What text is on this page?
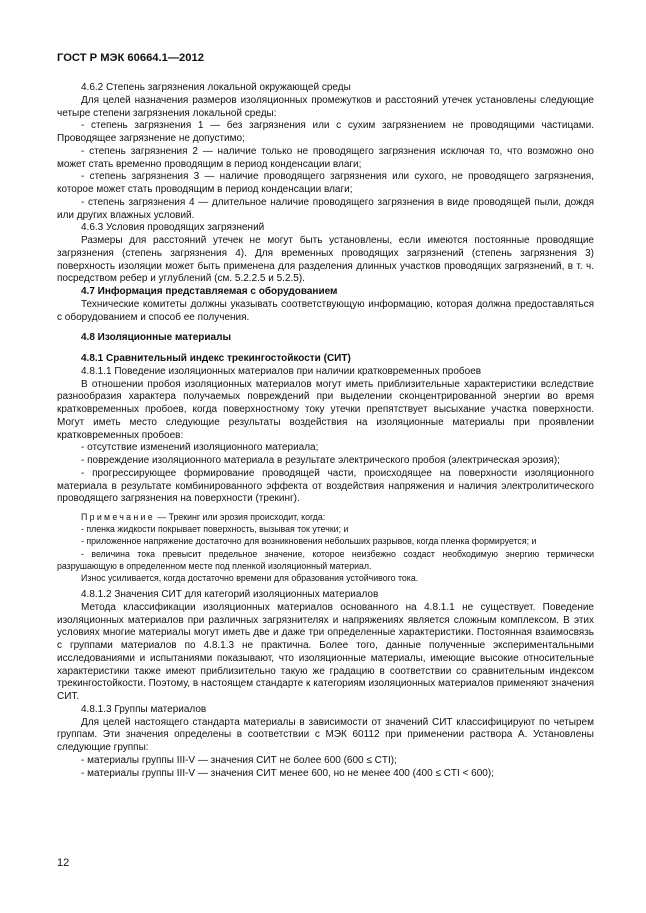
ГОСТ Р МЭК 60664.1—2012

4.6.2 Степень загрязнения локальной окружающей среды

Для целей назначения размеров изоляционных промежутков и расстояний утечек установлены следующие четыре степени загрязнения локальной среды:

- степень загрязнения 1 — без загрязнения или с сухим загрязнением не проводящими частицами. Проводящее загрязнение не допустимо;

- степень загрязнения 2 — наличие только не проводящего загрязнения исключая то, что возможно оно может стать временно проводящим в период конденсации влаги;

- степень загрязнения 3 — наличие проводящего загрязнения или сухого, не проводящего загрязнения, которое может стать проводящим в период конденсации влаги;

- степень загрязнения 4 — длительное наличие проводящего загрязнения в виде проводящей пыли, дождя или других влажных условий.

4.6.3 Условия проводящих загрязнений

Размеры для расстояний утечек не могут быть установлены, если имеются постоянные проводящие загрязнения (степень загрязнения 4). Для временных проводящих загрязнений (степень загрязнения 3) поверхность изоляции может быть применена для разделения длинных участков проводящих загрязнений, в т. ч. посредством ребер и углублений (см. 5.2.2.5 и 5.2.5).

4.7 Информация представляемая с оборудованием

Технические комитеты должны указывать соответствующую информацию, которая должна предоставляться с оборудованием и способ ее получения.

4.8 Изоляционные материалы

4.8.1 Сравнительный индекс трекингостойкости (СИТ)

4.8.1.1 Поведение изоляционных материалов при наличии кратковременных пробоев

В отношении пробоя изоляционных материалов могут иметь приблизительные характеристики вследствие разнообразия характера получаемых повреждений при выделении сконцентрированной энергии во время кратковременных пробоев, когда поверхностному току утечки препятствует высыхание участка поверхности. Могут иметь место следующие результаты воздействия на изоляционные материалы при проявлении кратковременных пробоев:

- отсутствие изменений изоляционного материала;

- повреждение изоляционного материала в результате электрического пробоя (электрическая эрозия);

- прогрессирующее формирование проводящей части, происходящее на поверхности изоляционного материала в результате комбинированного эффекта от воздействия напряжения и наличия электролитического проводящего загрязнения на поверхности (трекинг).

Примечание — Трекинг или эрозия происходит, когда:

- пленка жидкости покрывает поверхность, вызывая ток утечки; и

- приложенное напряжение достаточно для возникновения небольших разрывов, когда пленка формируется; и

- величина тока превысит предельное значение, которое неизбежно создаст необходимую энергию термически разрушающую в определенном месте под пленкой изоляционный материал.

Износ усиливается, когда достаточно времени для образования устойчивого тока.

4.8.1.2 Значения СИТ для категорий изоляционных материалов

Метода классификации изоляционных материалов основанного на 4.8.1.1 не существует. Поведение изоляционных материалов при различных загрязнителях и напряжениях является сложным комплексом. В этих условиях многие материалы могут иметь две и даже три определенные характеристики. Постоянная взаимосвязь с группами материалов по 4.8.1.3 не практична. Более того, данные полученные экспериментальными исследованиями и испытаниями показывают, что изоляционные материалы, имеющие высокие относительные характеристики также имеют приблизительно такую же градацию в соответствии со сравнительным индексом трекингостойкости. Поэтому, в настоящем стандарте к категориям изоляционных материалов применяют значения СИТ.

4.8.1.3 Группы материалов

Для целей настоящего стандарта материалы в зависимости от значений СИТ классифицируют по четырем группам. Эти значения определены в соответствии с МЭК 60112 при применении раствора А. Установлены следующие группы:

- материалы группы III-V — значения СИТ не более 600 (600 ≤ CTI);

- материалы группы III-V — значения СИТ менее 600, но не менее 400 (400 ≤ CTI < 600);

12
